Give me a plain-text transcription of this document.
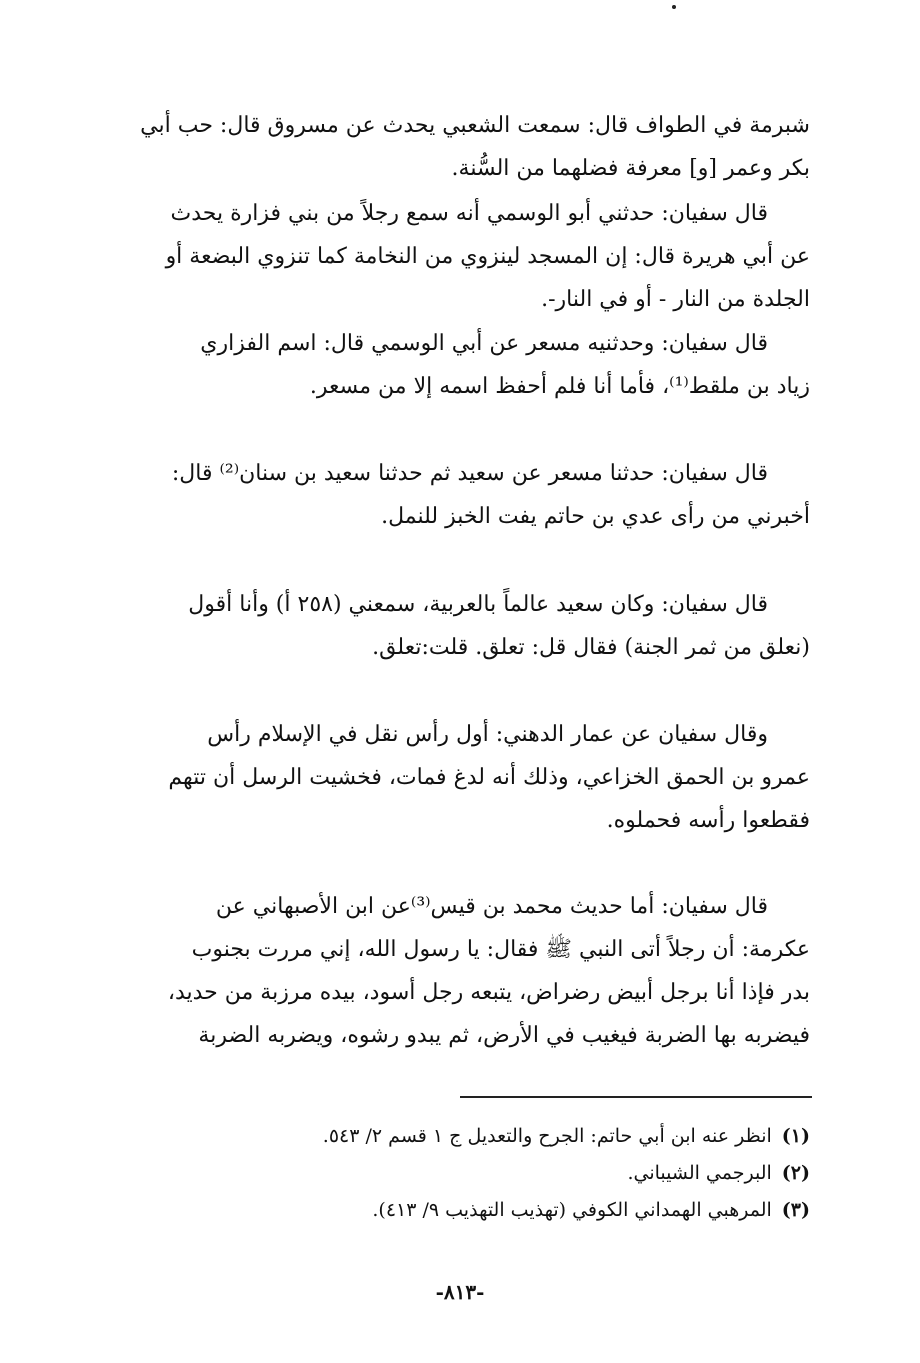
شبرمة في الطواف قال: سمعت الشعبي يحدث عن مسروق قال: حب أبي

بكر وعمر [و] معرفة فضلهما من السُّنة.

قال سفيان: حدثني أبو الوسمي أنه سمع رجلاً من بني فزارة يحدث

عن أبي هريرة قال: إن المسجد لينزوي من النخامة كما تنزوي البضعة أو

الجلدة من النار - أو في النار-.

قال سفيان: وحدثنيه مسعر عن أبي الوسمي قال: اسم الفزاري

زياد بن ملقط⁽¹⁾، فأما أنا فلم أحفظ اسمه إلا من مسعر.

قال سفيان: حدثنا مسعر عن سعيد ثم حدثنا سعيد بن سنان⁽²⁾ قال:

أخبرني من رأى عدي بن حاتم يفت الخبز للنمل.

قال سفيان: وكان سعيد عالماً بالعربية، سمعني (٢٥٨ أ) وأنا أقول

(نعلق من ثمر الجنة) فقال قل: تعلق. قلت:تعلق.

وقال سفيان عن عمار الدهني: أول رأس نقل في الإسلام رأس

عمرو بن الحمق الخزاعي، وذلك أنه لدغ فمات، فخشيت الرسل أن تتهم

فقطعوا رأسه فحملوه.

قال سفيان: أما حديث محمد بن قيس⁽³⁾عن ابن الأصبهاني عن

عكرمة: أن رجلاً أتى النبي ﷺ فقال: يا رسول الله، إني مررت بجنوب

بدر فإذا أنا برجل أبيض رضراض، يتبعه رجل أسود، بيده مرزبة من حديد،

فيضربه بها الضربة فيغيب في الأرض، ثم يبدو رشوه، ويضربه الضربة

(١)انظر عنه ابن أبي حاتم: الجرح والتعديل ج ١ قسم ٢/ ٥٤٣.
(٢)البرجمي الشيباني.
(٣)المرهبي الهمداني الكوفي (تهذيب التهذيب ٩/ ٤١٣).
-٨١٣-
